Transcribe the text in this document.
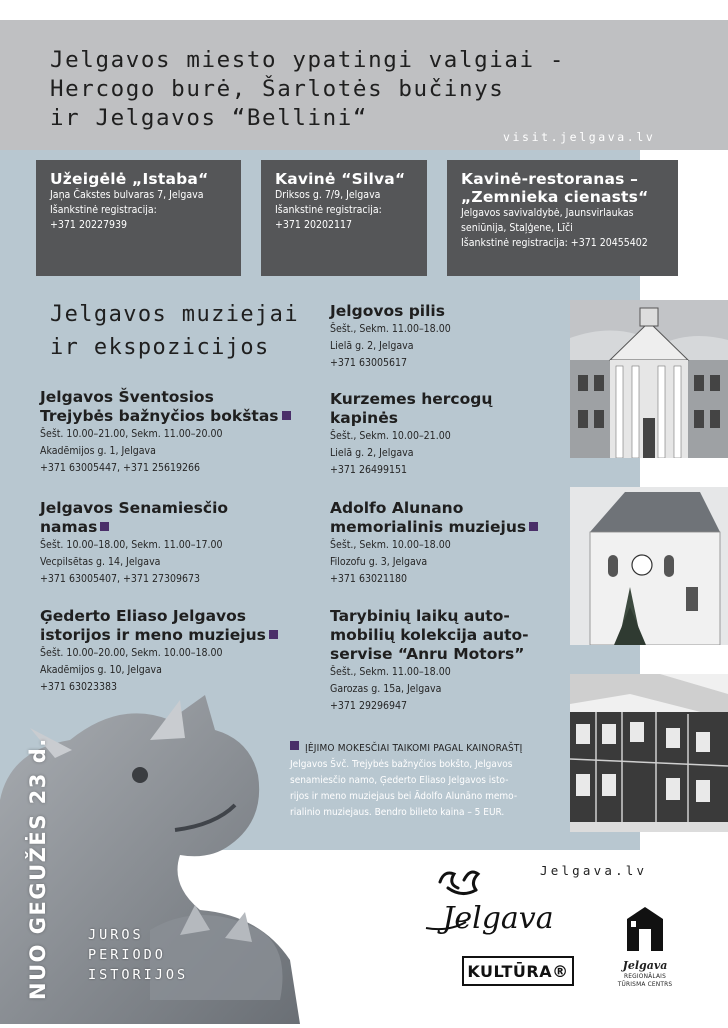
Jelgavos miesto ypatingi valgiai -
Hercogo burė, Šarlotės bučinys
ir Jelgavos “Bellini“
visit.jelgava.lv
Užeigėlė „Istaba“

Jaņa Čakstes bulvaras 7, Jelgava

Išankstinė registracija:

+371 20227939

Kavinė “Silva“

Driksos g. 7/9, Jelgava

Išankstinė registracija:

+371 20202117

Kavinė-restoranas –
„Zemnieka cienasts“

Jelgavos savivaldybė, Jaunsvirlaukas

seniūnija, Staļģene, Līči

Išankstinė registracija: +371 20455402

Jelgavos muziejai
ir ekspozicijos
Jelgavos Šventosios
Trejybės bažnyčios bokštas

Šešt. 10.00–21.00, Sekm. 11.00–20.00

Akadēmijos g. 1, Jelgava

+371 63005447, +371 25619266

Jelgavos Senamiesčio
namas

Šešt. 10.00–18.00, Sekm. 11.00–17.00

Vecpilsētas g. 14, Jelgava

+371 63005407, +371 27309673

Ģederto Eliaso Jelgavos
istorijos ir meno muziejus

Šešt. 10.00–20.00, Sekm. 10.00–18.00

Akadēmijos g. 10, Jelgava

+371 63023383

Jelgovos pilis

Šešt., Sekm. 11.00–18.00

Lielā g. 2, Jelgava

+371 63005617

Kurzemes hercogų
kapinės

Šešt., Sekm. 10.00–21.00

Lielā g. 2, Jelgava

+371 26499151

Adolfo Alunano
memorialinis muziejus

Šešt., Sekm. 10.00–18.00

Filozofu g. 3, Jelgava

+371 63021180

Tarybinių laikų auto-
mobilių kolekcija auto-
servise “Anru Motors”

Šešt., Sekm. 11.00–18.00

Garozas g. 15a, Jelgava

+371 29296947

ĮĖJIMO MOKESČIAI TAIKOMI PAGAL KAINORAŠTĮ

Jelgavos Švč. Trejybės bažnyčios bokšto, Jelgavos

senamiesčio namo, Ģederto Eliaso Jelgavos isto-

rijos ir meno muziejaus bei Ādolfo Alunāno memo-

rialinio muziejaus. Bendro bilieto kaina – 5 EUR.

NUO GEGUŽĖS 23 d.	JUROS
PERIODO
ISTORIJOS
Jelgava.lv
Jelgava
KULTŪRA®	Jelgava
REGIONĀLAIS
TŪRISMA CENTRS
